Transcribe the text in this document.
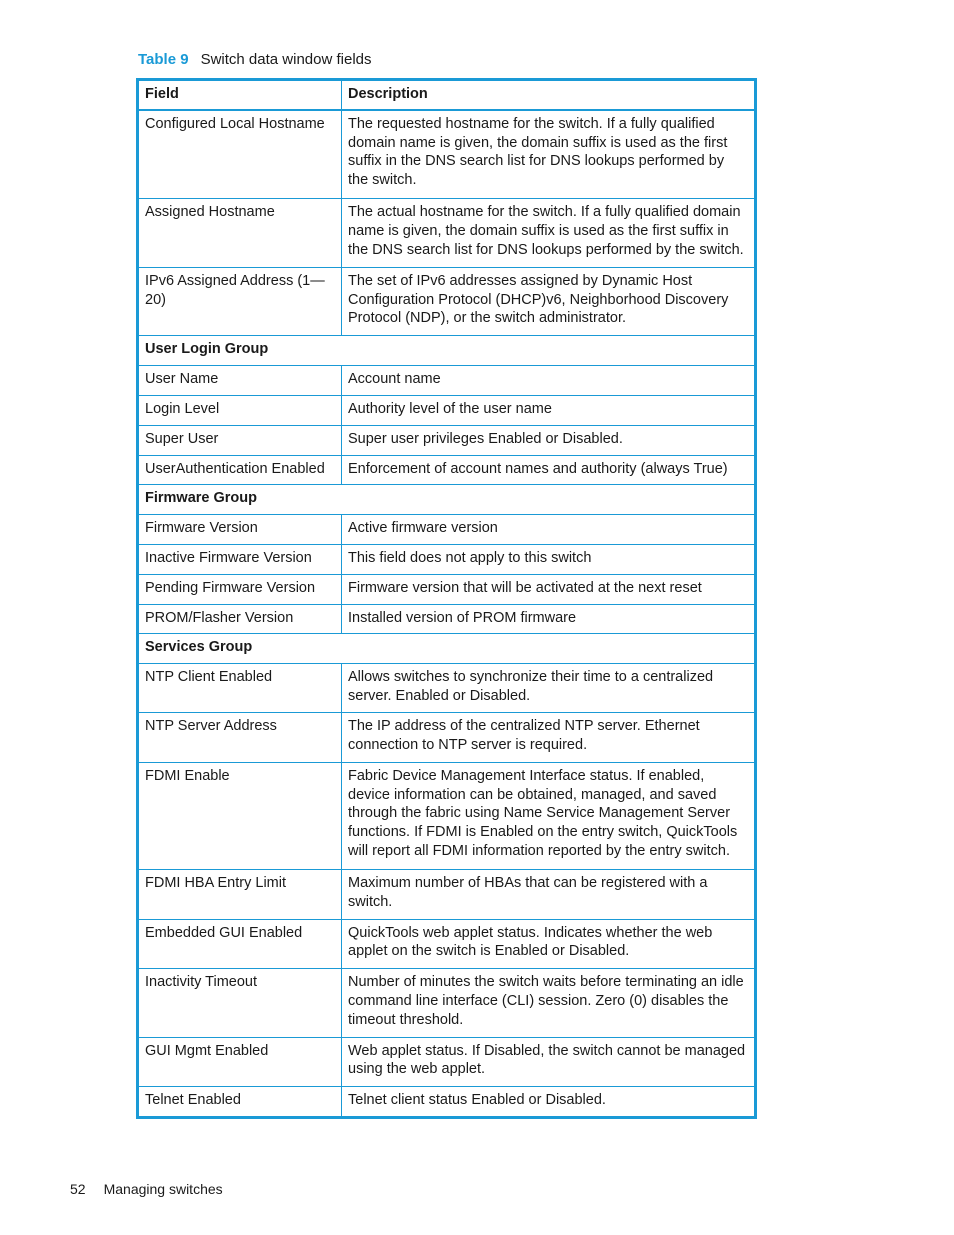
Table 9 Switch data window fields
Field	Description
Configured Local Hostname	The requested hostname for the switch. If a fully qualified domain name is given, the domain suffix is used as the first suffix in the DNS search list for DNS lookups performed by the switch.
Assigned Hostname	The actual hostname for the switch. If a fully qualified domain name is given, the domain suffix is used as the first suffix in the DNS search list for DNS lookups performed by the switch.
IPv6 Assigned Address (1—20)	The set of IPv6 addresses assigned by Dynamic Host Configuration Protocol (DHCP)v6, Neighborhood Discovery Protocol (NDP), or the switch administrator.
User Login Group	
User Name	Account name
Login Level	Authority level of the user name
Super User	Super user privileges Enabled or Disabled.
UserAuthentication Enabled	Enforcement of account names and authority (always True)
Firmware Group	
Firmware Version	Active firmware version
Inactive Firmware Version	This field does not apply to this switch
Pending Firmware Version	Firmware version that will be activated at the next reset
PROM/Flasher Version	Installed version of PROM firmware
Services Group	
NTP Client Enabled	Allows switches to synchronize their time to a centralized server. Enabled or Disabled.
NTP Server Address	The IP address of the centralized NTP server. Ethernet connection to NTP server is required.
FDMI Enable	Fabric Device Management Interface status. If enabled, device information can be obtained, managed, and saved through the fabric using Name Service Management Server functions. If FDMI is Enabled on the entry switch, QuickTools will report all FDMI information reported by the entry switch.
FDMI HBA Entry Limit	Maximum number of HBAs that can be registered with a switch.
Embedded GUI Enabled	QuickTools web applet status. Indicates whether the web applet on the switch is Enabled or Disabled.
Inactivity Timeout	Number of minutes the switch waits before terminating an idle command line interface (CLI) session. Zero (0) disables the timeout threshold.
GUI Mgmt Enabled	Web applet status. If Disabled, the switch cannot be managed using the web applet.
Telnet Enabled	Telnet client status Enabled or Disabled.
52 Managing switches
